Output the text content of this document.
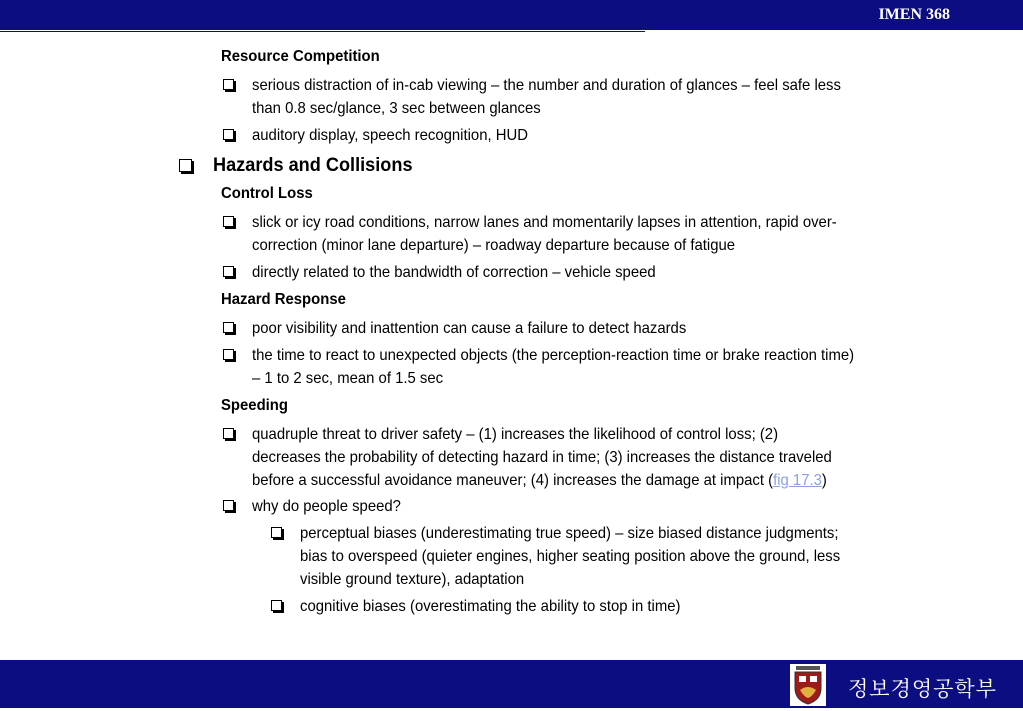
IMEN 368
Resource Competition
serious distraction of in-cab viewing – the number and duration of glances – feel safe less
than 0.8 sec/glance, 3 sec between glances
auditory display, speech recognition, HUD
Hazards and Collisions
Control Loss
slick or icy road conditions, narrow lanes and momentarily lapses in attention, rapid over-
correction (minor lane departure) – roadway departure because of fatigue
directly related to the bandwidth of correction – vehicle speed
Hazard Response
poor visibility and inattention can cause a failure to detect hazards
the time to react to unexpected objects (the perception-reaction time or brake reaction time)
– 1 to 2 sec, mean of 1.5 sec
Speeding
quadruple threat to driver safety – (1) increases the likelihood of control loss; (2)
decreases the probability of detecting hazard in time; (3) increases the distance traveled
before a successful avoidance maneuver; (4) increases the damage at impact (fig 17.3)
why do people speed?
perceptual biases (underestimating true speed) – size biased distance judgments;
bias to overspeed (quieter engines, higher seating position above the ground, less
visible ground texture), adaptation
cognitive biases (overestimating the ability to stop in time)
정보경영공학부
